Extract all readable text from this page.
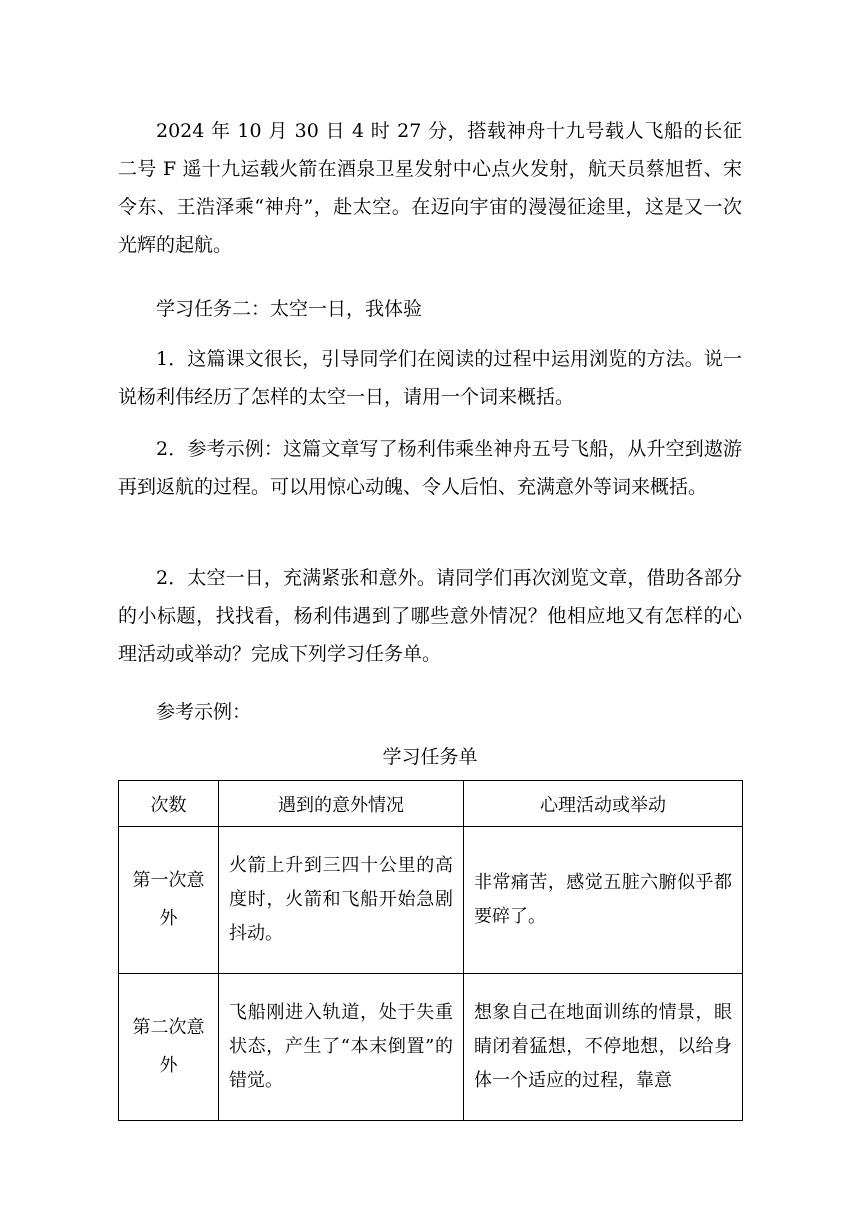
2024 年 10 月 30 日 4 时 27 分，搭载神舟十九号载人飞船的长征二号 F 遥十九运载火箭在酒泉卫星发射中心点火发射，航天员蔡旭哲、宋令东、王浩泽乘“神舟”，赴太空。在迈向宇宙的漫漫征途里，这是又一次光辉的起航。

学习任务二：太空一日，我体验

1．这篇课文很长，引导同学们在阅读的过程中运用浏览的方法。说一说杨利伟经历了怎样的太空一日，请用一个词来概括。

2．参考示例：这篇文章写了杨利伟乘坐神舟五号飞船，从升空到遨游再到返航的过程。可以用惊心动魄、令人后怕、充满意外等词来概括。

2．太空一日，充满紧张和意外。请同学们再次浏览文章，借助各部分的小标题，找找看，杨利伟遇到了哪些意外情况？他相应地又有怎样的心理活动或举动？完成下列学习任务单。

参考示例：

学习任务单

次数	遇到的意外情况	心理活动或举动
第一次意外	火箭上升到三四十公里的高度时，火箭和飞船开始急剧抖动。	非常痛苦，感觉五脏六腑似乎都要碎了。
第二次意外	飞船刚进入轨道，处于失重状态，产生了“本末倒置”的错觉。	想象自己在地面训练的情景，眼睛闭着猛想，不停地想，以给身体一个适应的过程，靠意
